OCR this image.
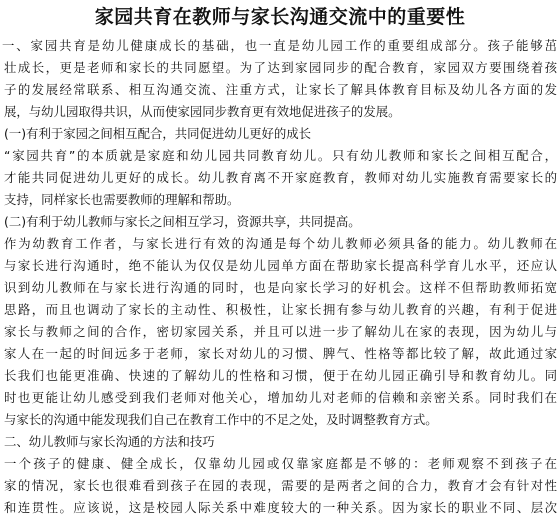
家园共育在教师与家长沟通交流中的重要性
一、家园共育是幼儿健康成长的基础，也一直是幼儿园工作的重要组成部分。孩子能够茁
壮成长，更是老师和家长的共同愿望。为了达到家园同步的配合教育，家园双方要围绕着孩
子的发展经常联系、相互沟通交流、注重方式，让家长了解具体教育目标及幼儿各方面的发
展，与幼儿园取得共识，从而使家园同步教育更有效地促进孩子的发展。
(一)有利于家园之间相互配合，共同促进幼儿更好的成长
“家园共育”的本质就是家庭和幼儿园共同教育幼儿。只有幼儿教师和家长之间相互配合，
才能共同促进幼儿更好的成长。幼儿教育离不开家庭教育，教师对幼儿实施教育需要家长的
支持，同样家长也需要教师的理解和帮助。
(二)有利于幼儿教师与家长之间相互学习，资源共享，共同提高。
作为幼教育工作者，与家长进行有效的沟通是每个幼儿教师必须具备的能力。幼儿教师在
与家长进行沟通时，绝不能认为仅仅是幼儿园单方面在帮助家长提高科学育儿水平，还应认
识到幼儿教师在与家长进行沟通的同时，也是向家长学习的好机会。这样不但帮助教师拓宽
思路，而且也调动了家长的主动性、积极性，让家长拥有参与幼儿教育的兴趣，有利于促进
家长与教师之间的合作，密切家园关系，并且可以进一步了解幼儿在家的表现，因为幼儿与
家人在一起的时间远多于老师，家长对幼儿的习惯、脾气、性格等都比较了解，故此通过家
长我们也能更准确、快速的了解幼儿的性格和习惯，便于在幼儿园正确引导和教育幼儿。同
时也更能让幼儿感受到我们老师对他关心，增加幼儿对老师的信赖和亲密关系。同时我们在
与家长的沟通中能发现我们自己在教育工作中的不足之处，及时调整教育方式。
二、幼儿教师与家长沟通的方法和技巧
一个孩子的健康、健全成长，仅靠幼儿园或仅靠家庭都是不够的：老师观察不到孩子在
家的情况，家长也很难看到孩子在园的表现，需要的是两者之间的合力，教育才会有针对性
和连贯性。应该说，这是校园人际关系中难度较大的一种关系。因为家长的职业不同、层次
